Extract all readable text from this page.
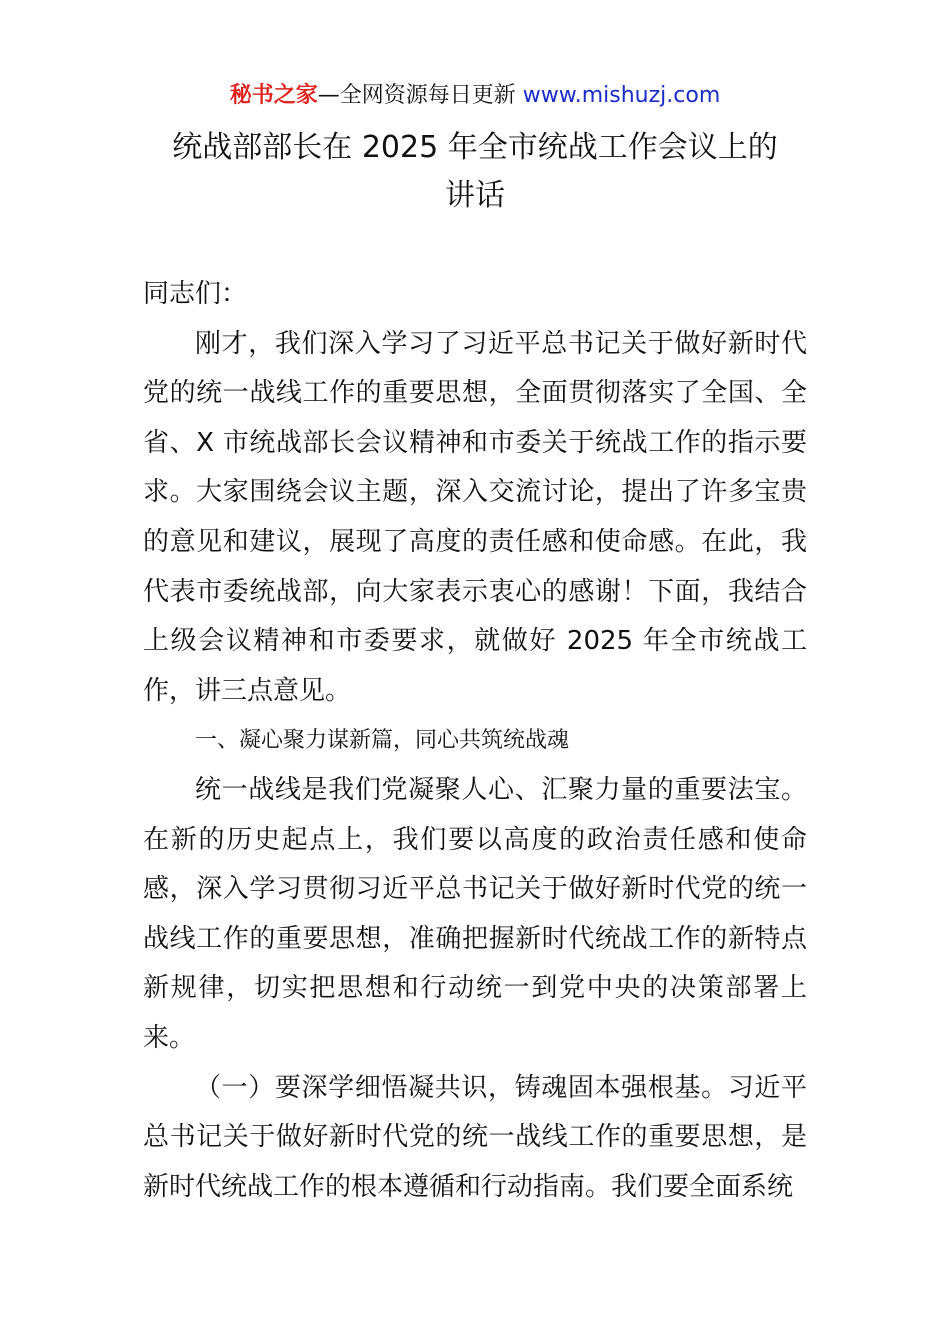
秘书之家—全网资源每日更新 www.mishuzj.com
统战部部长在 2025 年全市统战工作会议上的
讲话

同志们：

刚才，我们深入学习了习近平总书记关于做好新时代党的统一战线工作的重要思想，全面贯彻落实了全国、全省、X 市统战部长会议精神和市委关于统战工作的指示要求。大家围绕会议主题，深入交流讨论，提出了许多宝贵的意见和建议，展现了高度的责任感和使命感。在此，我代表市委统战部，向大家表示衷心的感谢！下面，我结合上级会议精神和市委要求，就做好 2025 年全市统战工作，讲三点意见。

一、凝心聚力谋新篇，同心共筑统战魂

统一战线是我们党凝聚人心、汇聚力量的重要法宝。在新的历史起点上，我们要以高度的政治责任感和使命感，深入学习贯彻习近平总书记关于做好新时代党的统一战线工作的重要思想，准确把握新时代统战工作的新特点新规律，切实把思想和行动统一到党中央的决策部署上来。

（一）要深学细悟凝共识，铸魂固本强根基。习近平总书记关于做好新时代党的统一战线工作的重要思想，是新时代统战工作的根本遵循和行动指南。我们要全面系统
